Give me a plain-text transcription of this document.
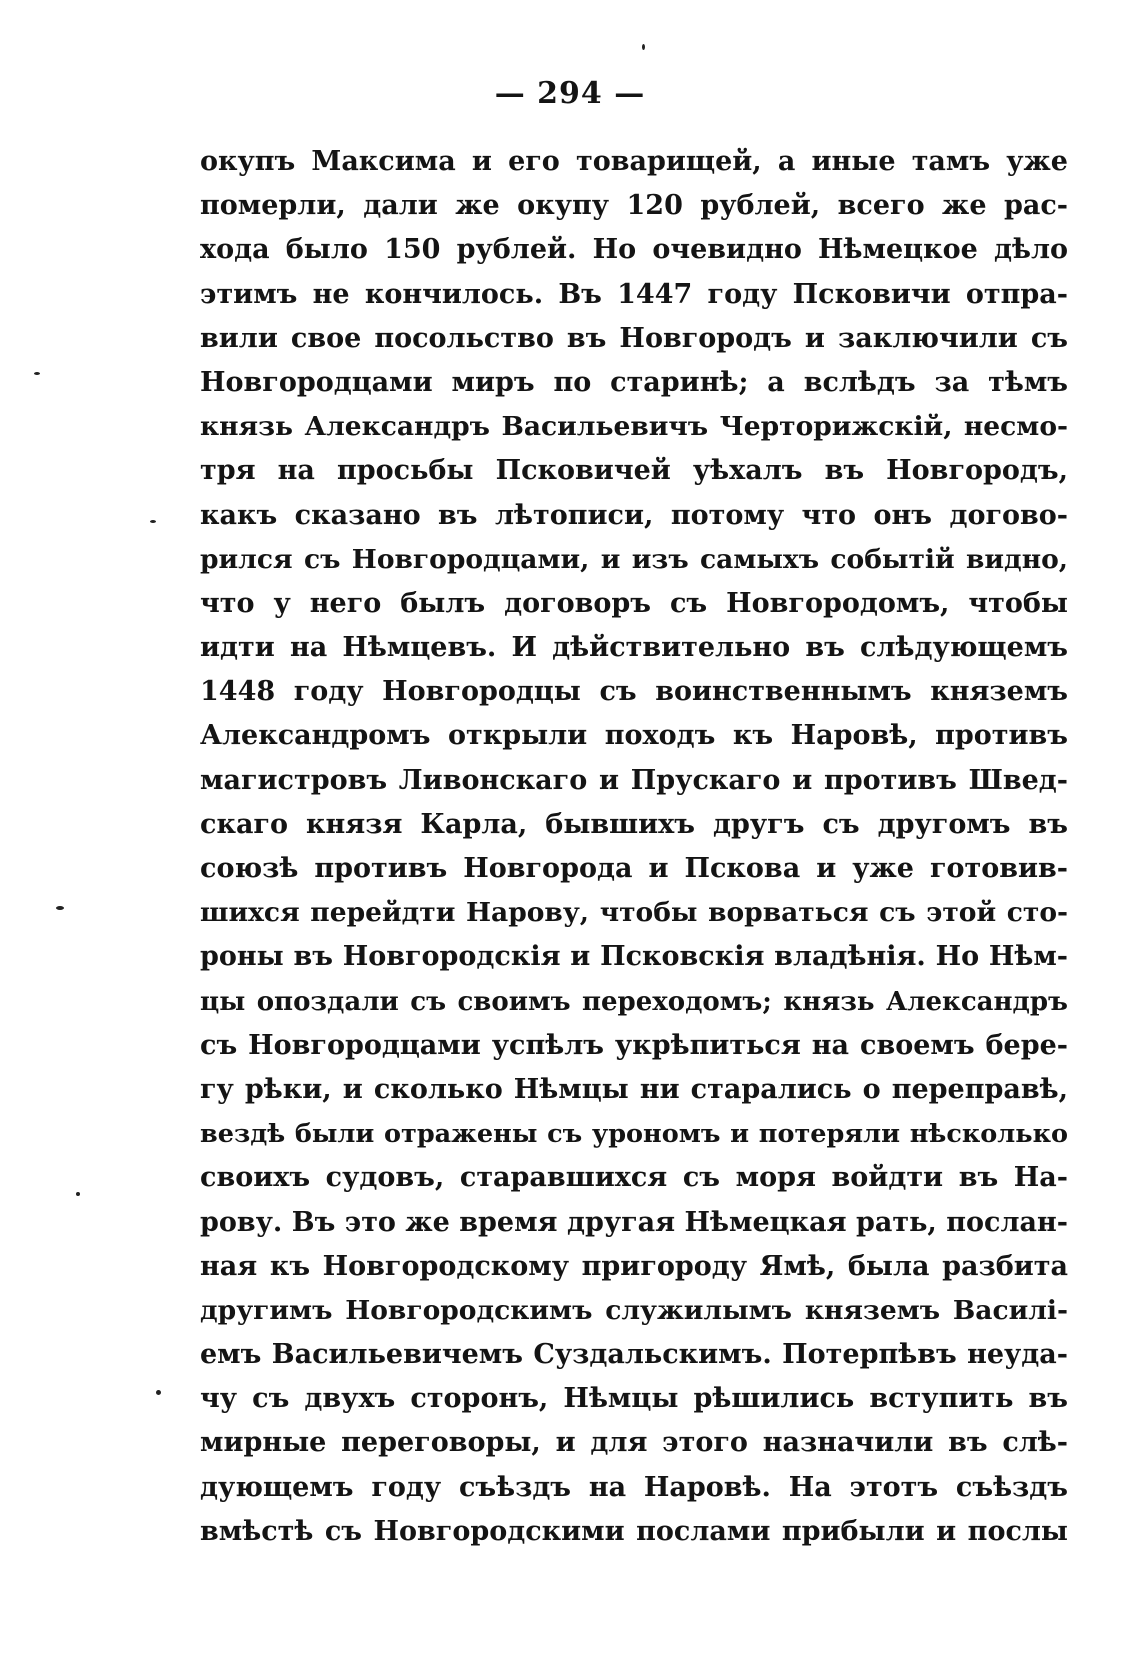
— 294 —
окупъ Максима и его товарищей, а иные тамъ уже
померли, дали же окупу 120 рублей, всего же рас-
хода было 150 рублей. Но очевидно Нѣмецкое дѣло
этимъ не кончилось. Въ 1447 году Псковичи отпра-
вили свое посольство въ Новгородъ и заключили съ
Новгородцами миръ по старинѣ; а вслѣдъ за тѣмъ
князь Александръ Васильевичъ Черторижскій, несмо-
тря на просьбы Псковичей уѣхалъ въ Новгородъ,
какъ сказано въ лѣтописи, потому что онъ догово-
рился съ Новгородцами, и изъ самыхъ событій видно,
что у него былъ договоръ съ Новгородомъ, чтобы
идти на Нѣмцевъ. И дѣйствительно въ слѣдующемъ
1448 году Новгородцы съ воинственнымъ княземъ
Александромъ открыли походъ къ Наровѣ, противъ
магистровъ Ливонскаго и Прускаго и противъ Швед-
скаго князя Карла, бывшихъ другъ съ другомъ въ
союзѣ противъ Новгорода и Пскова и уже готовив-
шихся перейдти Нарову, чтобы ворваться съ этой сто-
роны въ Новгородскія и Псковскія владѣнія. Но Нѣм-
цы опоздали съ своимъ переходомъ; князь Александръ
съ Новгородцами успѣлъ укрѣпиться на своемъ бере-
гу рѣки, и сколько Нѣмцы ни старались о переправѣ,
вездѣ были отражены съ урономъ и потеряли нѣсколько
своихъ судовъ, старавшихся съ моря войдти въ На-
рову. Въ это же время другая Нѣмецкая рать, послан-
ная къ Новгородскому пригороду Ямѣ, была разбита
другимъ Новгородскимъ служилымъ княземъ Василі-
емъ Васильевичемъ Суздальскимъ. Потерпѣвъ неуда-
чу съ двухъ сторонъ, Нѣмцы рѣшились вступить въ
мирные переговоры, и для этого назначили въ слѣ-
дующемъ году съѣздъ на Наровѣ. На этотъ съѣздъ
вмѣстѣ съ Новгородскими послами прибыли и послы
